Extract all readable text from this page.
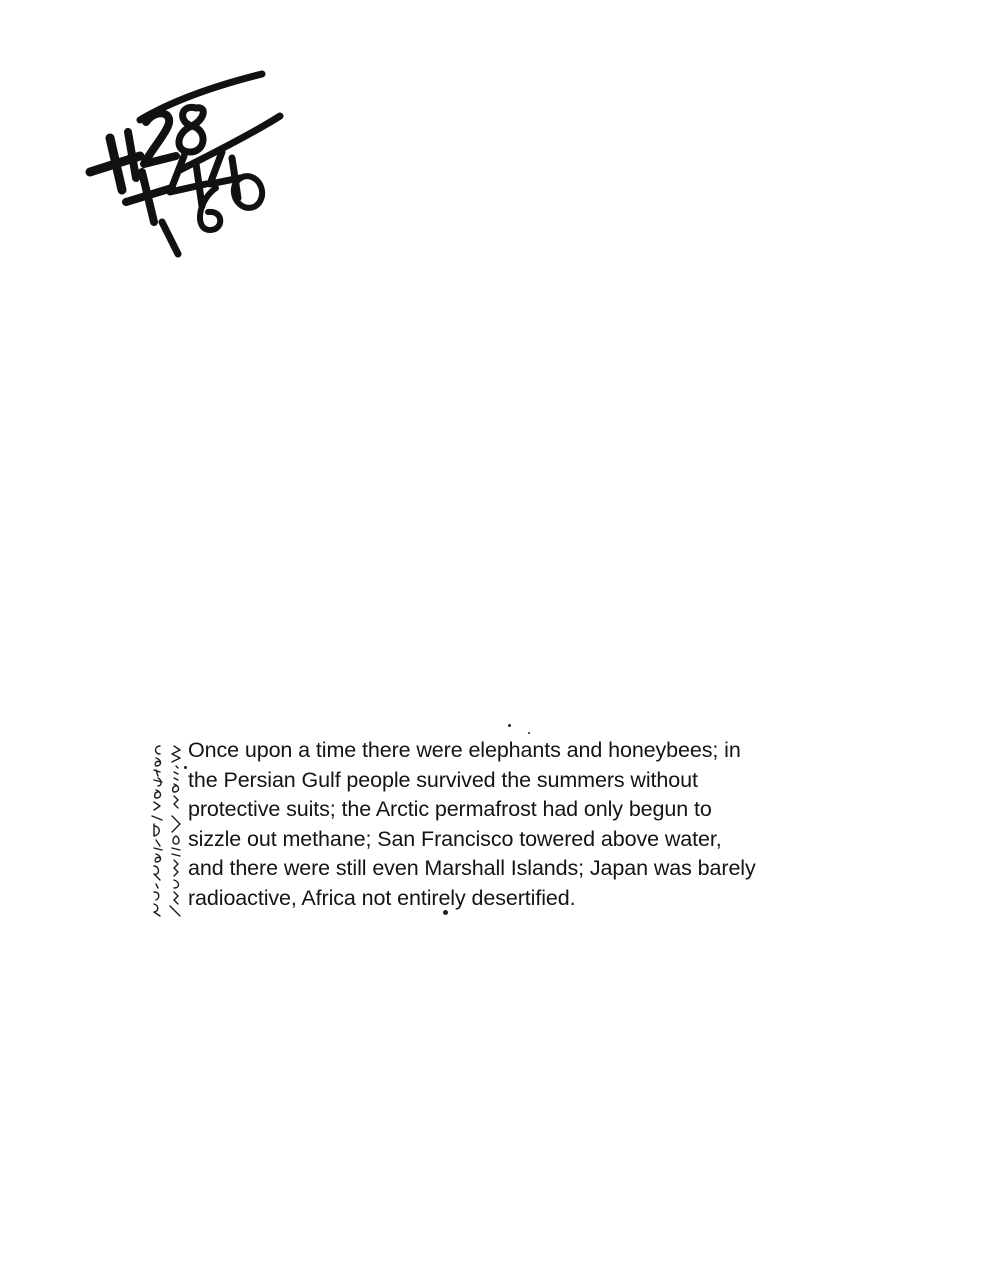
Once upon a time there were elephants and honeybees; in
the Persian Gulf people survived the summers without
protective suits; the Arctic permafrost had only begun to
sizzle out methane; San Francisco towered above water,
and there were still even Marshall Islands; Japan was barely
radioactive, Africa not entirely desertified.
